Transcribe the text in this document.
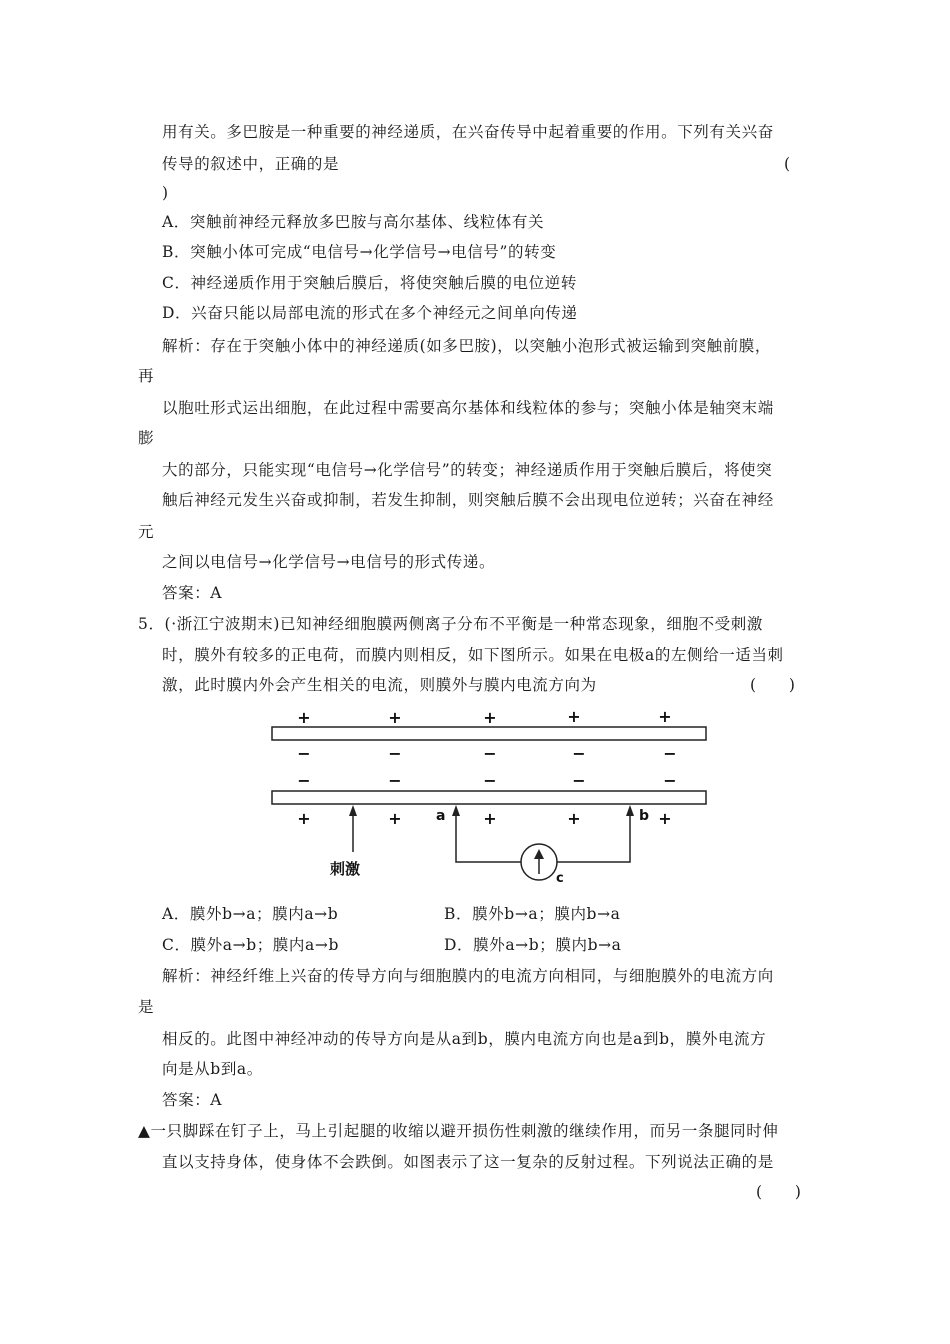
用有关。多巴胺是一种重要的神经递质，在兴奋传导中起着重要的作用。下列有关兴奋
传导的叙述中，正确的是	(
)
A．突触前神经元释放多巴胺与高尔基体、线粒体有关
B．突触小体可完成“电信号→化学信号→电信号”的转变
C．神经递质作用于突触后膜后，将使突触后膜的电位逆转
D．兴奋只能以局部电流的形式在多个神经元之间单向传递
解析：存在于突触小体中的神经递质(如多巴胺)，以突触小泡形式被运输到突触前膜，
再
以胞吐形式运出细胞，在此过程中需要高尔基体和线粒体的参与；突触小体是轴突末端
膨
大的部分，只能实现“电信号→化学信号”的转变；神经递质作用于突触后膜后，将使突
触后神经元发生兴奋或抑制，若发生抑制，则突触后膜不会出现电位逆转；兴奋在神经
元
之间以电信号→化学信号→电信号的形式传递。
答案：A
5．(·浙江宁波期末)已知神经细胞膜两侧离子分布不平衡是一种常态现象，细胞不受刺激
时，膜外有较多的正电荷，而膜内则相反，如下图所示。如果在电极a的左侧给一适当刺
激，此时膜内外会产生相关的电流，则膜外与膜内电流方向为	(　　)
+	+	+	+	+
−	−	−	−	−
−	−	−	−	−
+	+	+	+	+
刺激
a	b
c
A．膜外b→a；膜内a→b	B．膜外b→a；膜内b→a
C．膜外a→b；膜内a→b	D．膜外a→b；膜内b→a
解析：神经纤维上兴奋的传导方向与细胞膜内的电流方向相同，与细胞膜外的电流方向
是
相反的。此图中神经冲动的传导方向是从a到b，膜内电流方向也是a到b，膜外电流方
向是从b到a。
答案：A
▲一只脚踩在钉子上，马上引起腿的收缩以避开损伤性刺激的继续作用，而另一条腿同时伸
直以支持身体，使身体不会跌倒。如图表示了这一复杂的反射过程。下列说法正确的是
(　　)
